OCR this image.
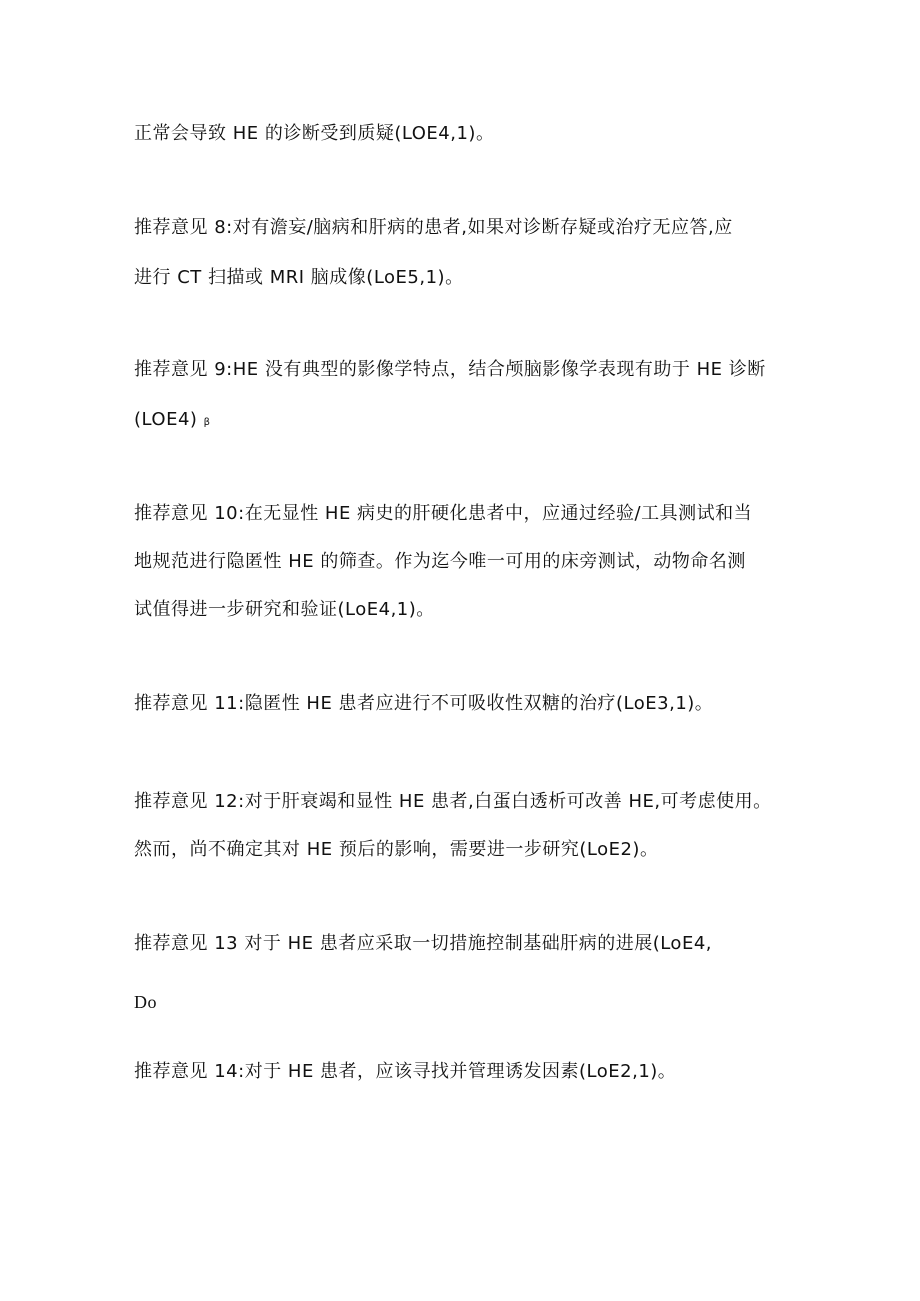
正常会导致 HE 的诊断受到质疑(LOE4,1)。
推荐意见 8:对有澹妄/脑病和肝病的患者,如果对诊断存疑或治疗无应答,应
进行 CT 扫描或 MRI 脑成像(LoE5,1)。
推荐意见 9:HE 没有典型的影像学特点，结合颅脑影像学表现有助于 HE 诊断
(LOE4) β
推荐意见 10:在无显性 HE 病史的肝硬化患者中，应通过经验/工具测试和当
地规范进行隐匿性 HE 的筛查。作为迄今唯一可用的床旁测试，动物命名测
试值得进一步研究和验证(LoE4,1)。
推荐意见 11:隐匿性 HE 患者应进行不可吸收性双糖的治疗(LoE3,1)。
推荐意见 12:对于肝衰竭和显性 HE 患者,白蛋白透析可改善 HE,可考虑使用。
然而，尚不确定其对 HE 预后的影响，需要进一步研究(LoE2)。
推荐意见 13 对于 HE 患者应采取一切措施控制基础肝病的进展(LoE4,
Do
推荐意见 14:对于 HE 患者，应该寻找并管理诱发因素(LoE2,1)。
